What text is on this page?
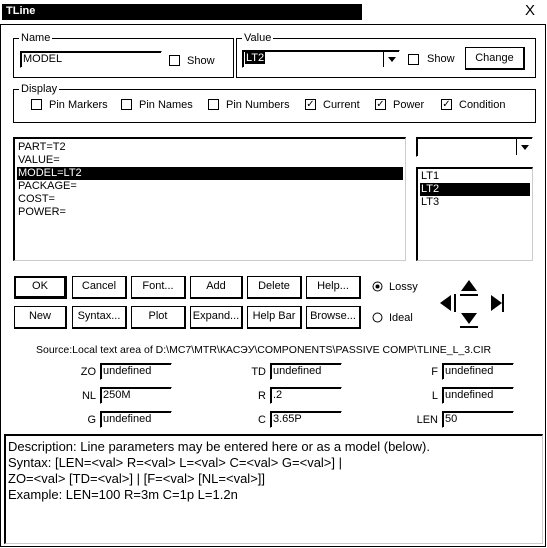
TLine	X
Name
MODEL	Show
Value
LT2	Show	Change
Display
Pin Markers	Pin Names	Pin Numbers ✓ Current ✓ Power ✓ Condition
PART=T2
VALUE=
MODEL=LT2
PACKAGE=
COST=
POWER=
LT1
LT2
LT3
OK	Cancel	Font...	Add	Delete	Help...
New	Syntax...	Plot	Expand...	Help Bar	Browse...
Lossy
Ideal
Source:Local text area of D:\MC7\MTR\КАСЭУ\COMPONENTS\PASSIVE COMP\TLINE_L_3.CIR
ZO undefined	TD undefined	F undefined
NL 250M	R .2	L undefined
G undefined	C 3.65P	LEN 50
Description: Line parameters may be entered here or as a model (below).
Syntax: [LEN=<val> R=<val> L=<val> C=<val> G=<val>] |
ZO=<val> [TD=<val>] | [F=<val> [NL=<val>]]
Example: LEN=100 R=3m C=1p L=1.2n
